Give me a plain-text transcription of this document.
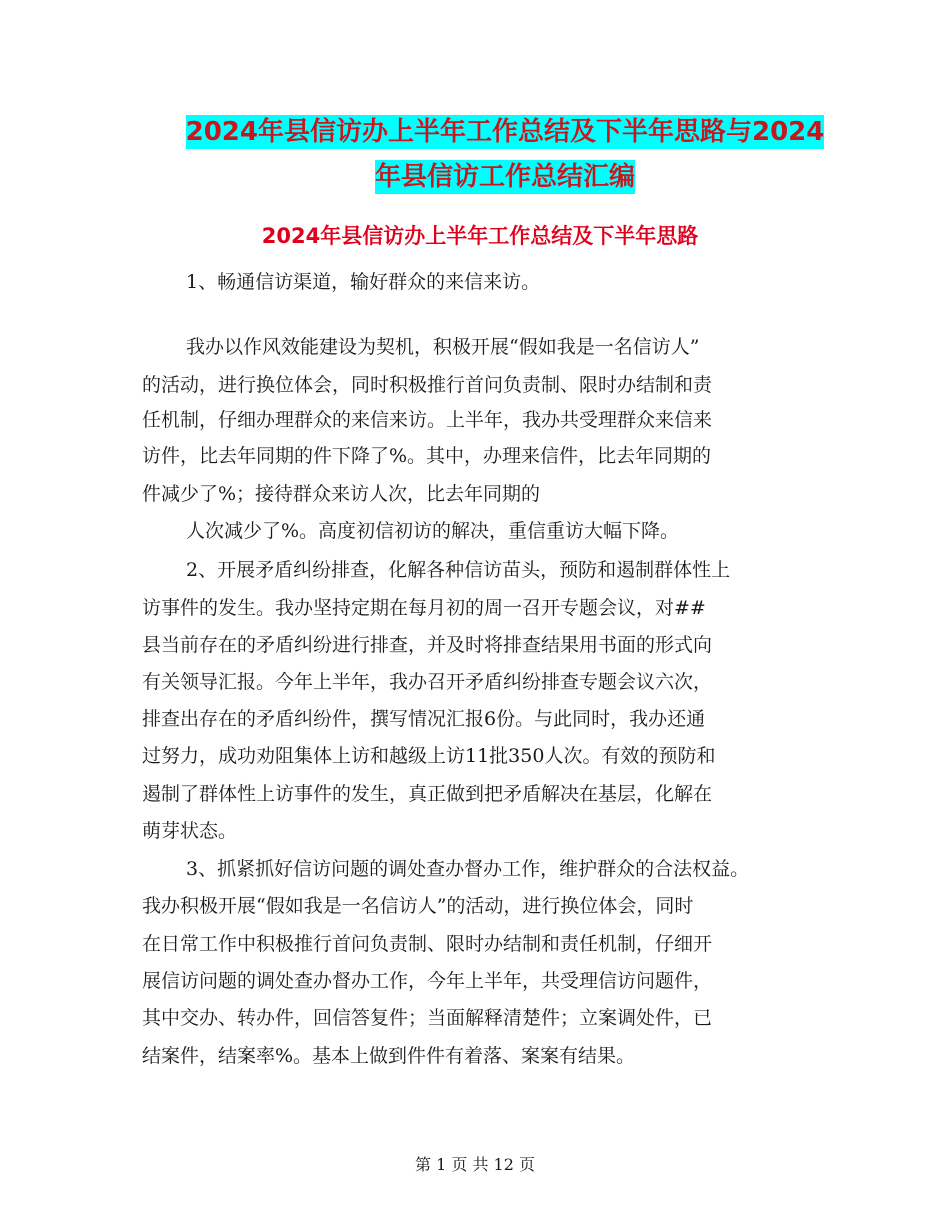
2024年县信访办上半年工作总结及下半年思路与2024
年县信访工作总结汇编
2024年县信访办上半年工作总结及下半年思路

1、畅通信访渠道，输好群众的来信来访。

我办以作风效能建设为契机，积极开展“假如我是一名信访人”

的活动，进行换位体会，同时积极推行首问负责制、限时办结制和责

任机制，仔细办理群众的来信来访。上半年，我办共受理群众来信来

访件，比去年同期的件下降了%。其中，办理来信件，比去年同期的

件减少了%；接待群众来访人次，比去年同期的

人次减少了%。高度初信初访的解决，重信重访大幅下降。

2、开展矛盾纠纷排查，化解各种信访苗头，预防和遏制群体性上

访事件的发生。我办坚持定期在每月初的周一召开专题会议，对##

县当前存在的矛盾纠纷进行排查，并及时将排查结果用书面的形式向

有关领导汇报。今年上半年，我办召开矛盾纠纷排查专题会议六次，

排查出存在的矛盾纠纷件，撰写情况汇报6份。与此同时，我办还通

过努力，成功劝阻集体上访和越级上访11批350人次。有效的预防和

遏制了群体性上访事件的发生，真正做到把矛盾解决在基层，化解在

萌芽状态。

3、抓紧抓好信访问题的调处查办督办工作，维护群众的合法权益。

我办积极开展“假如我是一名信访人”的活动，进行换位体会，同时

在日常工作中积极推行首问负责制、限时办结制和责任机制，仔细开

展信访问题的调处查办督办工作，今年上半年，共受理信访问题件，

其中交办、转办件，回信答复件；当面解释清楚件；立案调处件，已

结案件，结案率%。基本上做到件件有着落、案案有结果。

第 1 页 共 12 页
